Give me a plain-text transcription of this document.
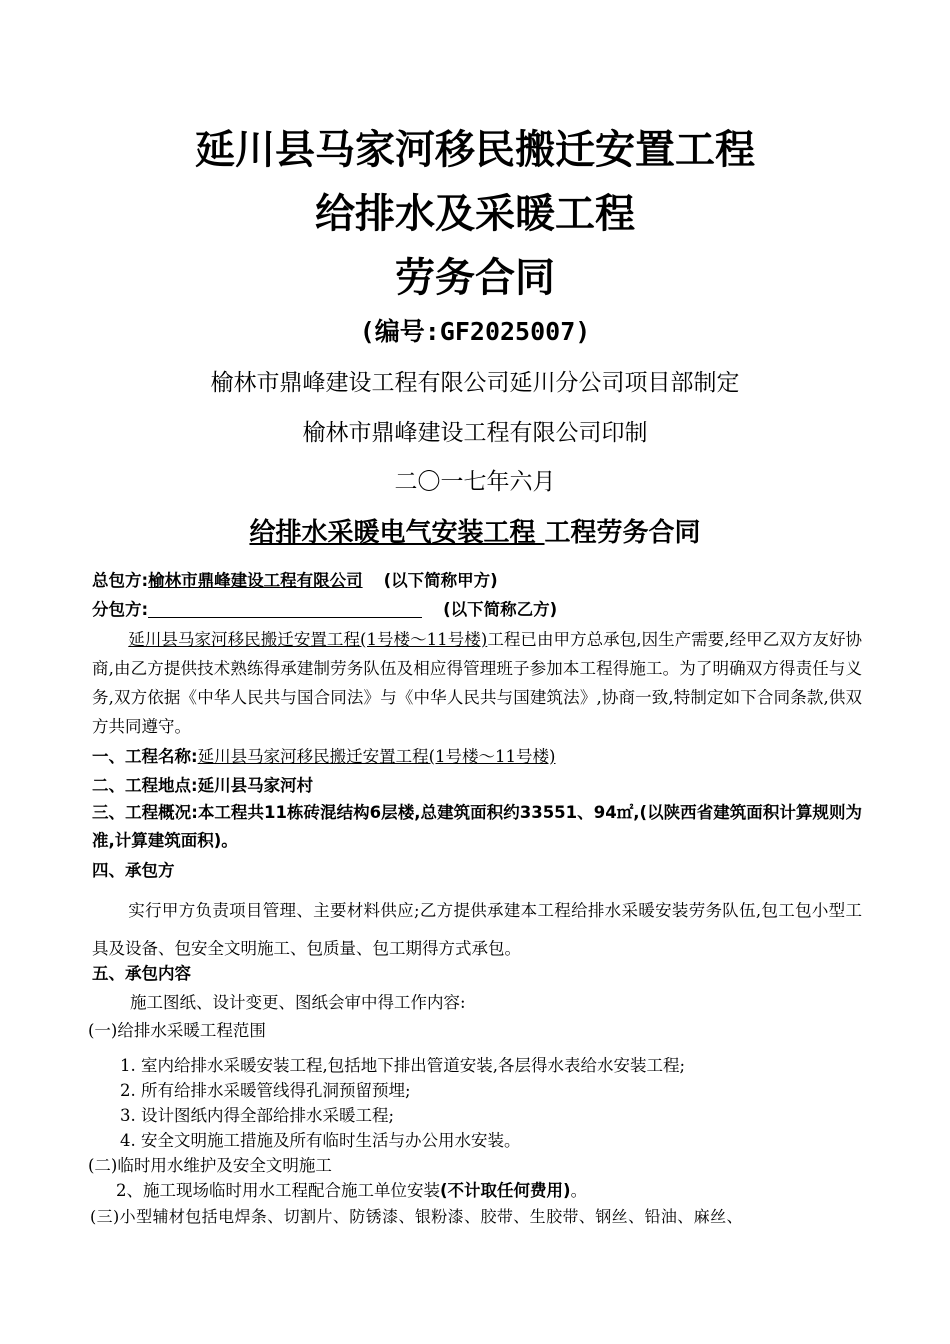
延川县马家河移民搬迁安置工程
给排水及采暖工程
劳务合同
(编号:GF2025007)
榆林市鼎峰建设工程有限公司延川分公司项目部制定
榆林市鼎峰建设工程有限公司印制
二〇一七年六月
给排水采暖电气安装工程 工程劳务合同
总包方:榆林市鼎峰建设工程有限公司 (以下简称甲方)
分包方:	(以下简称乙方)
延川县马家河移民搬迁安置工程(1号楼～11号楼)工程已由甲方总承包,因生产需要,经甲乙双方友好协商,由乙方提供技术熟练得承建制劳务队伍及相应得管理班子参加本工程得施工。为了明确双方得责任与义务,双方依据《中华人民共与国合同法》与《中华人民共与国建筑法》,协商一致,特制定如下合同条款,供双方共同遵守。
一、工程名称:延川县马家河移民搬迁安置工程(1号楼～11号楼)
二、工程地点:延川县马家河村
三、工程概况:本工程共11栋砖混结构6层楼,总建筑面积约33551、94㎡,(以陕西省建筑面积计算规则为准,计算建筑面积)。
四、承包方
实行甲方负责项目管理、主要材料供应;乙方提供承建本工程给排水采暖安装劳务队伍,包工包小型工具及设备、包安全文明施工、包质量、包工期得方式承包。
五、承包内容
施工图纸、设计变更、图纸会审中得工作内容:
(一)给排水采暖工程范围
1. 室内给排水采暖安装工程,包括地下排出管道安装,各层得水表给水安装工程;
2. 所有给排水采暖管线得孔洞预留预埋;
3. 设计图纸内得全部给排水采暖工程;
4. 安全文明施工措施及所有临时生活与办公用水安装。
(二)临时用水维护及安全文明施工
2、施工现场临时用水工程配合施工单位安装(不计取任何费用)。
(三)小型辅材包括电焊条、切割片、防锈漆、银粉漆、胶带、生胶带、钢丝、铅油、麻丝、
